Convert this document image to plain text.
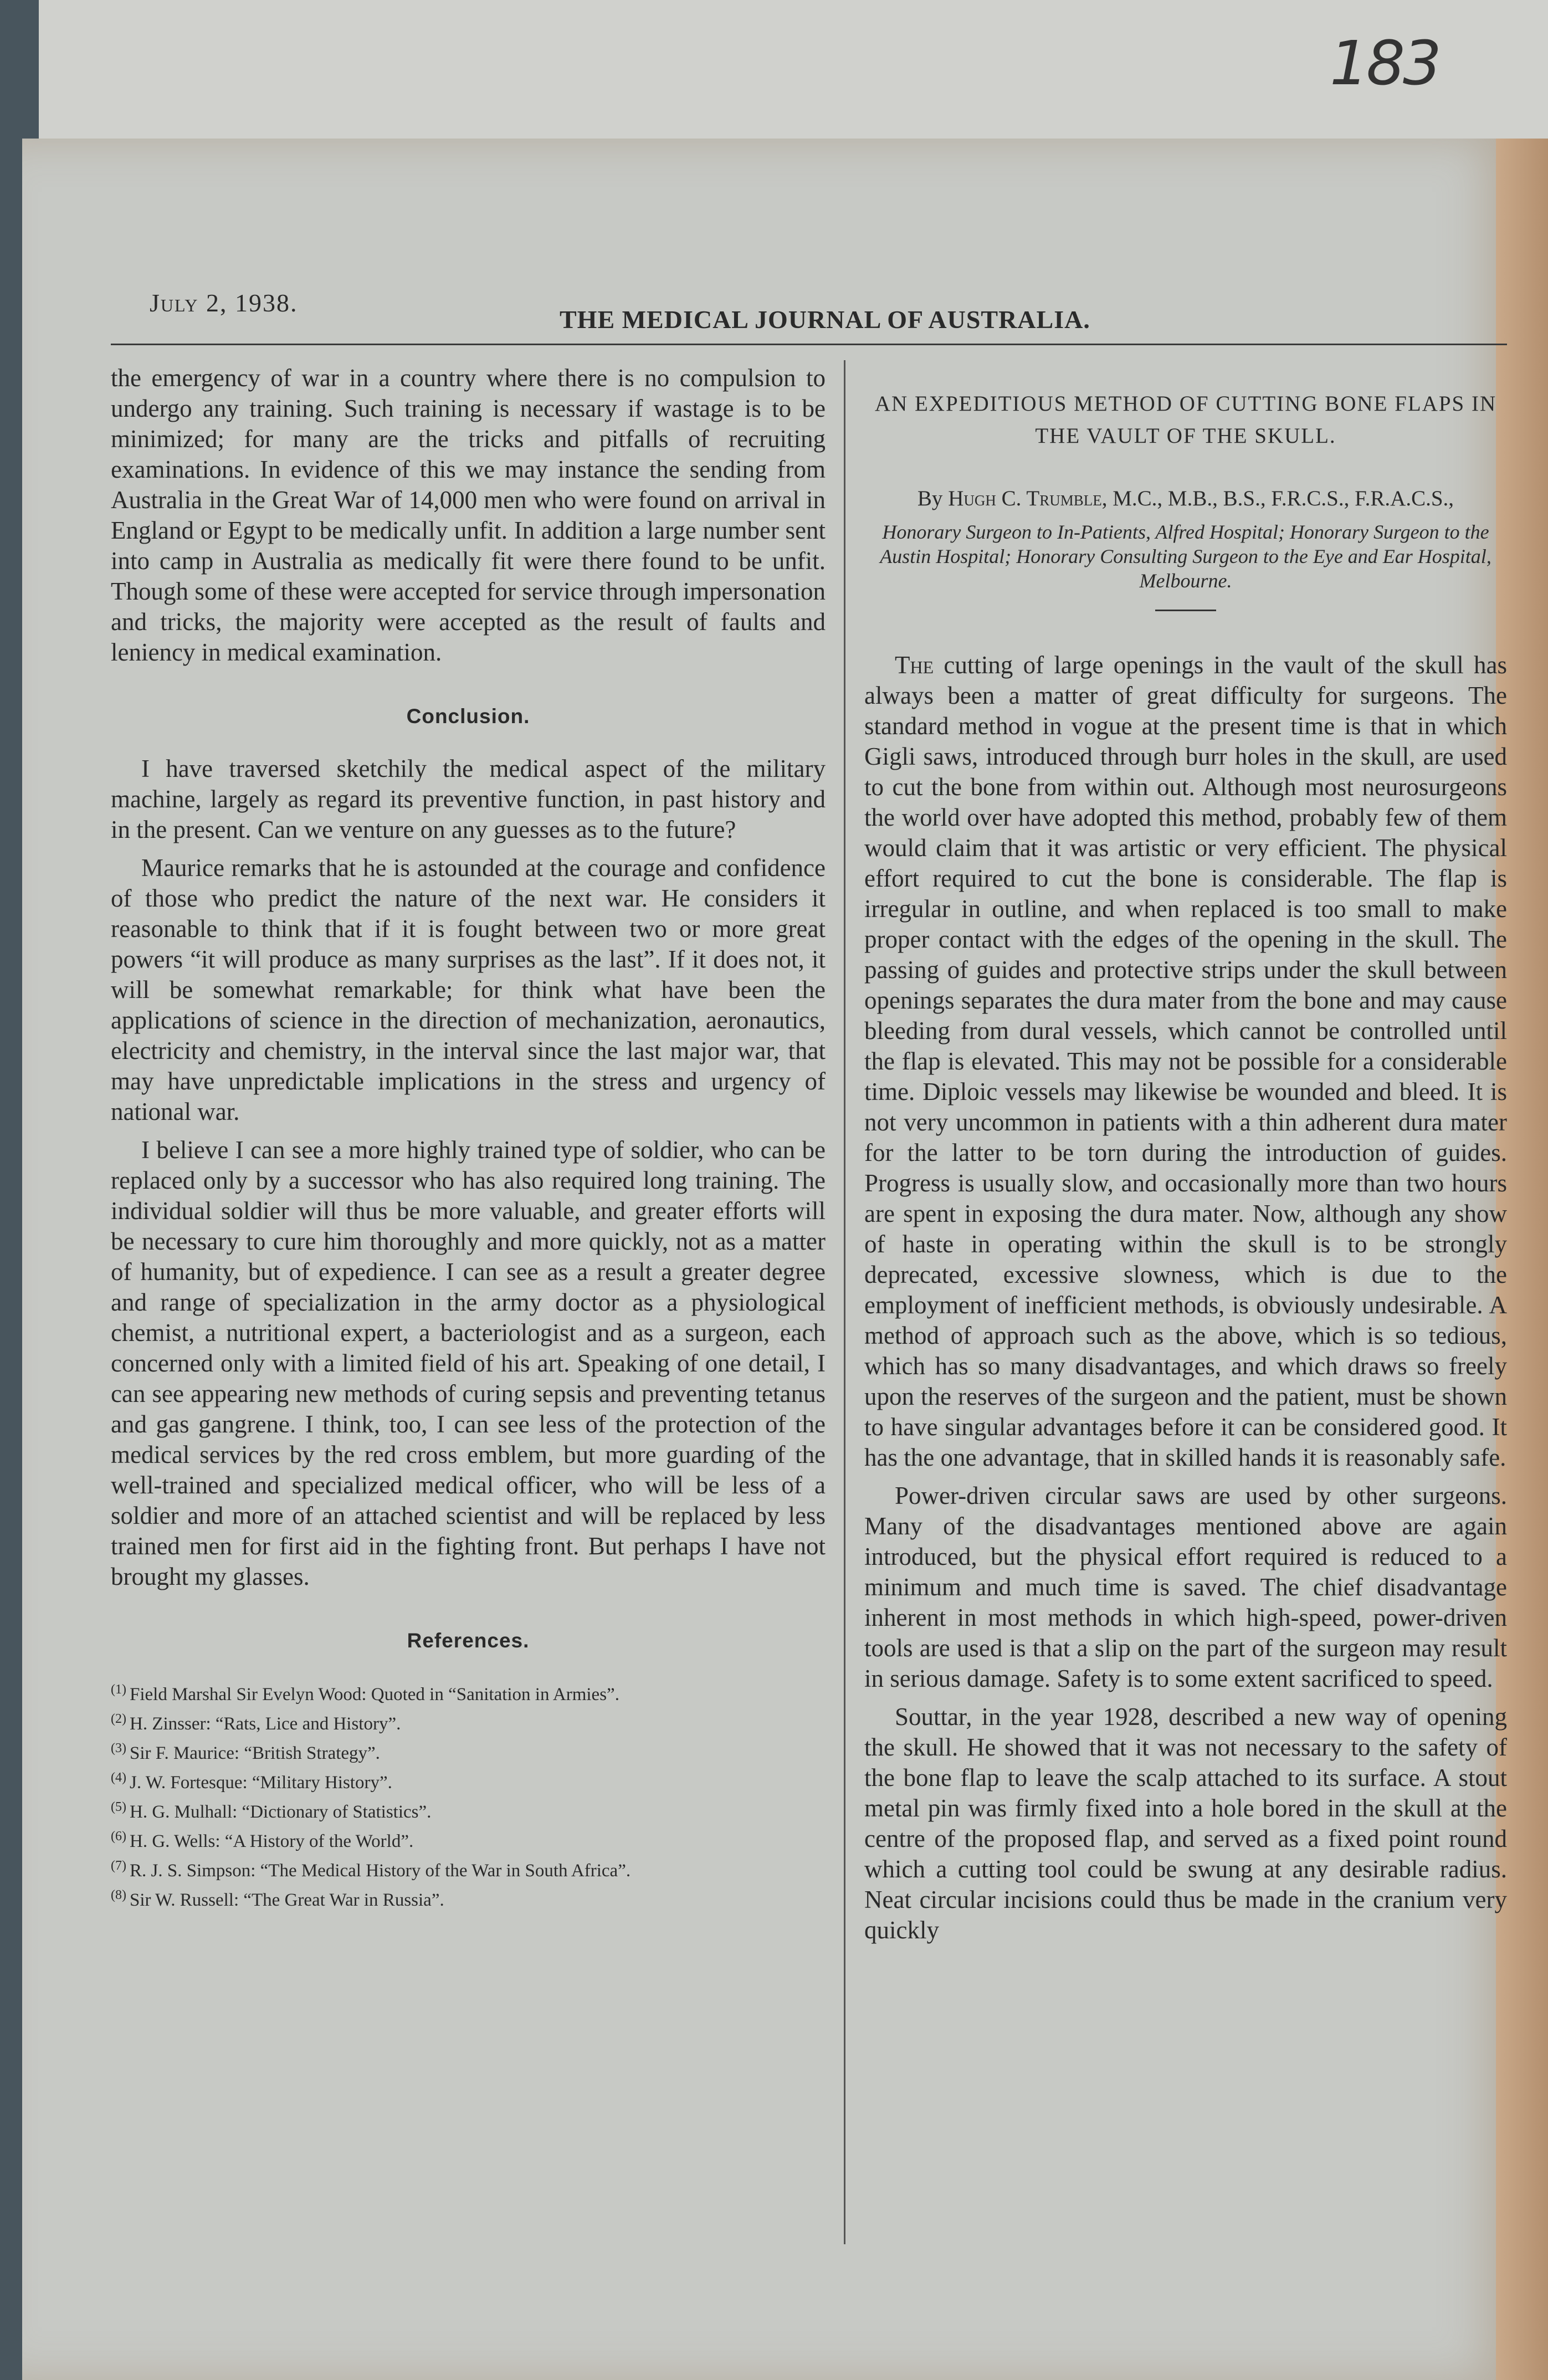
183
July 2, 1938.
THE MEDICAL JOURNAL OF AUSTRALIA.

the emergency of war in a country where there is no compulsion to undergo any training. Such training is necessary if wastage is to be minimized; for many are the tricks and pitfalls of recruiting examinations. In evidence of this we may instance the sending from Australia in the Great War of 14,000 men who were found on arrival in England or Egypt to be medically unfit. In addition a large number sent into camp in Australia as medically fit were there found to be unfit. Though some of these were accepted for service through impersonation and tricks, the majority were accepted as the result of faults and leniency in medical examination.

Conclusion.

I have traversed sketchily the medical aspect of the military machine, largely as regard its preventive function, in past history and in the present. Can we venture on any guesses as to the future?

Maurice remarks that he is astounded at the courage and confidence of those who predict the nature of the next war. He considers it reasonable to think that if it is fought between two or more great powers “it will produce as many surprises as the last”. If it does not, it will be somewhat remarkable; for think what have been the applications of science in the direction of mechanization, aeronautics, electricity and chemistry, in the interval since the last major war, that may have unpredictable implications in the stress and urgency of national war.

I believe I can see a more highly trained type of soldier, who can be replaced only by a successor who has also required long training. The individual soldier will thus be more valuable, and greater efforts will be necessary to cure him thoroughly and more quickly, not as a matter of humanity, but of expedience. I can see as a result a greater degree and range of specialization in the army doctor as a physiological chemist, a nutritional expert, a bacteriologist and as a surgeon, each concerned only with a limited field of his art. Speaking of one detail, I can see appearing new methods of curing sepsis and preventing tetanus and gas gangrene. I think, too, I can see less of the protection of the medical services by the red cross emblem, but more guarding of the well-trained and specialized medical officer, who will be less of a soldier and more of an attached scientist and will be replaced by less trained men for first aid in the fighting front. But perhaps I have not brought my glasses.

References.
$^{(1)}$ Field Marshal Sir Evelyn Wood: Quoted in “Sanitation in Armies”.
$^{(2)}$ H. Zinsser: “Rats, Lice and History”.
$^{(3)}$ Sir F. Maurice: “British Strategy”.
$^{(4)}$ J. W. Fortesque: “Military History”.
$^{(5)}$ H. G. Mulhall: “Dictionary of Statistics”.
$^{(6)}$ H. G. Wells: “A History of the World”.
$^{(7)}$ R. J. S. Simpson: “The Medical History of the War in South Africa”.
$^{(8)}$ Sir W. Russell: “The Great War in Russia”.
AN EXPEDITIOUS METHOD OF CUTTING BONE FLAPS IN THE VAULT OF THE SKULL.
By Hugh C. Trumble, M.C., M.B., B.S., F.R.C.S., F.R.A.C.S.,
Honorary Surgeon to In-Patients, Alfred Hospital; Honorary Surgeon to the Austin Hospital; Honorary Consulting Surgeon to the Eye and Ear Hospital, Melbourne.

The cutting of large openings in the vault of the skull has always been a matter of great difficulty for surgeons. The standard method in vogue at the present time is that in which Gigli saws, introduced through burr holes in the skull, are used to cut the bone from within out. Although most neurosurgeons the world over have adopted this method, probably few of them would claim that it was artistic or very efficient. The physical effort required to cut the bone is considerable. The flap is irregular in outline, and when replaced is too small to make proper contact with the edges of the opening in the skull. The passing of guides and protective strips under the skull between openings separates the dura mater from the bone and may cause bleeding from dural vessels, which cannot be controlled until the flap is elevated. This may not be possible for a considerable time. Diploic vessels may likewise be wounded and bleed. It is not very uncommon in patients with a thin adherent dura mater for the latter to be torn during the introduction of guides. Progress is usually slow, and occasionally more than two hours are spent in exposing the dura mater. Now, although any show of haste in operating within the skull is to be strongly deprecated, excessive slowness, which is due to the employment of inefficient methods, is obviously undesirable. A method of approach such as the above, which is so tedious, which has so many disadvantages, and which draws so freely upon the reserves of the surgeon and the patient, must be shown to have singular advantages before it can be considered good. It has the one advantage, that in skilled hands it is reasonably safe.

Power-driven circular saws are used by other surgeons. Many of the disadvantages mentioned above are again introduced, but the physical effort required is reduced to a minimum and much time is saved. The chief disadvantage inherent in most methods in which high-speed, power-driven tools are used is that a slip on the part of the surgeon may result in serious damage. Safety is to some extent sacrificed to speed.

Souttar, in the year 1928, described a new way of opening the skull. He showed that it was not necessary to the safety of the bone flap to leave the scalp attached to its surface. A stout metal pin was firmly fixed into a hole bored in the skull at the centre of the proposed flap, and served as a fixed point round which a cutting tool could be swung at any desirable radius. Neat circular incisions could thus be made in the cranium very quickly
